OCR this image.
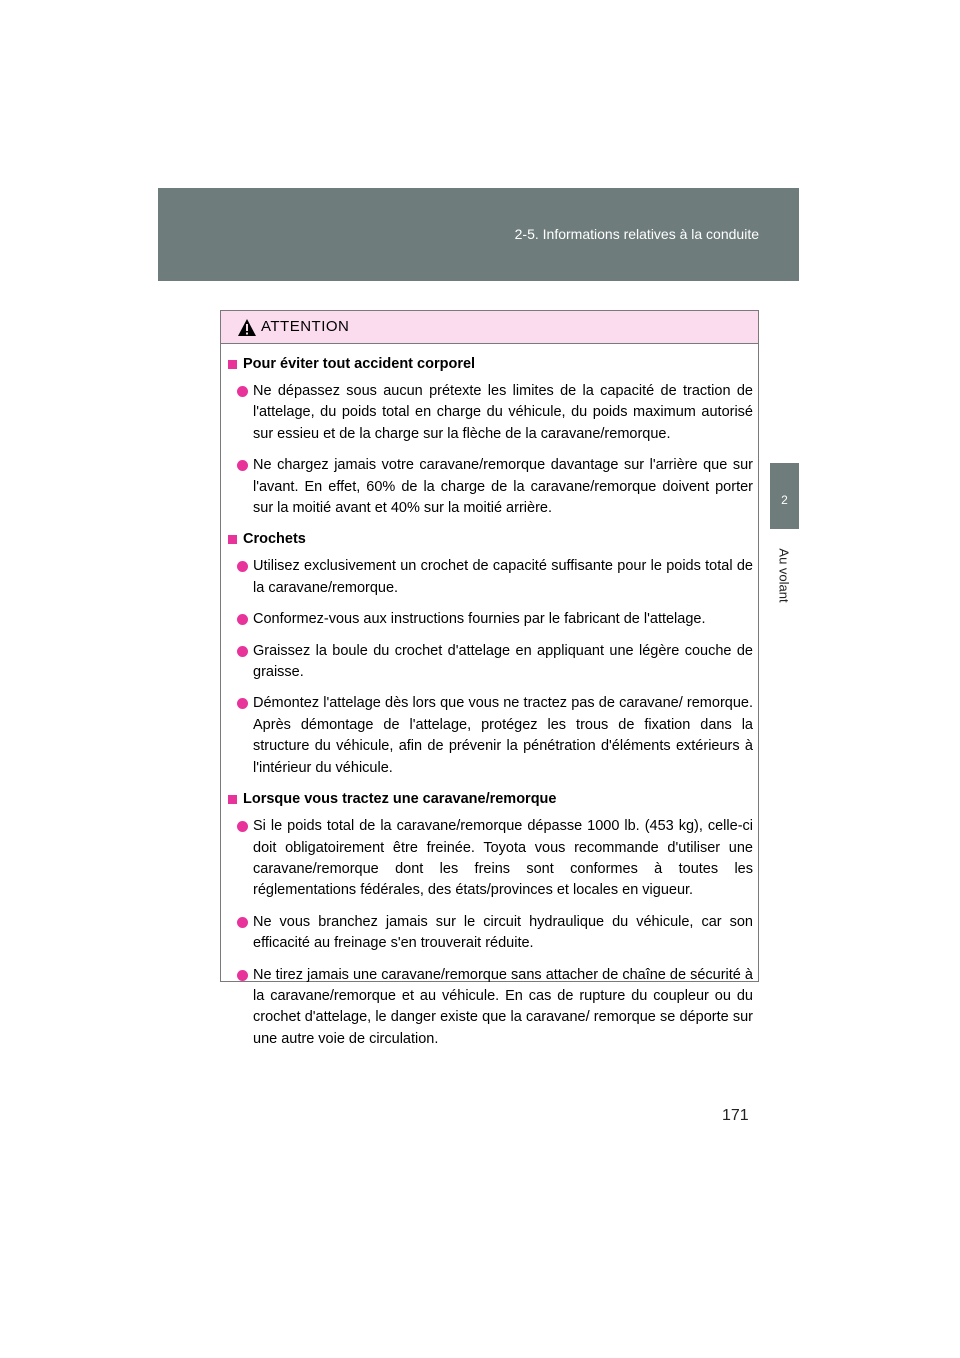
2-5. Informations relatives à la conduite
2
Au volant
ATTENTION
Pour éviter tout accident corporel

Ne dépassez sous aucun prétexte les limites de la capacité de traction de l'attelage, du poids total en charge du véhicule, du poids maximum autorisé sur essieu et de la charge sur la flèche de la caravane/remorque.

Ne chargez jamais votre caravane/remorque davantage sur l'arrière que sur l'avant. En effet, 60% de la charge de la caravane/remorque doivent porter sur la moitié avant et 40% sur la moitié arrière.

Crochets

Utilisez exclusivement un crochet de capacité suffisante pour le poids total de la caravane/remorque.

Conformez-vous aux instructions fournies par le fabricant de l'attelage.

Graissez la boule du crochet d'attelage en appliquant une légère couche de graisse.

Démontez l'attelage dès lors que vous ne tractez pas de caravane/ remorque. Après démontage de l'attelage, protégez les trous de fixation dans la structure du véhicule, afin de prévenir la pénétration d'éléments extérieurs à l'intérieur du véhicule.

Lorsque vous tractez une caravane/remorque

Si le poids total de la caravane/remorque dépasse 1000 lb. (453 kg), celle-ci doit obligatoirement être freinée. Toyota vous recommande d'utiliser une caravane/remorque dont les freins sont conformes à toutes les réglementations fédérales, des états/provinces et locales en vigueur.

Ne vous branchez jamais sur le circuit hydraulique du véhicule, car son efficacité au freinage s'en trouverait réduite.

Ne tirez jamais une caravane/remorque sans attacher de chaîne de sécurité à la caravane/remorque et au véhicule. En cas de rupture du coupleur ou du crochet d'attelage, le danger existe que la caravane/ remorque se déporte sur une autre voie de circulation.

171
